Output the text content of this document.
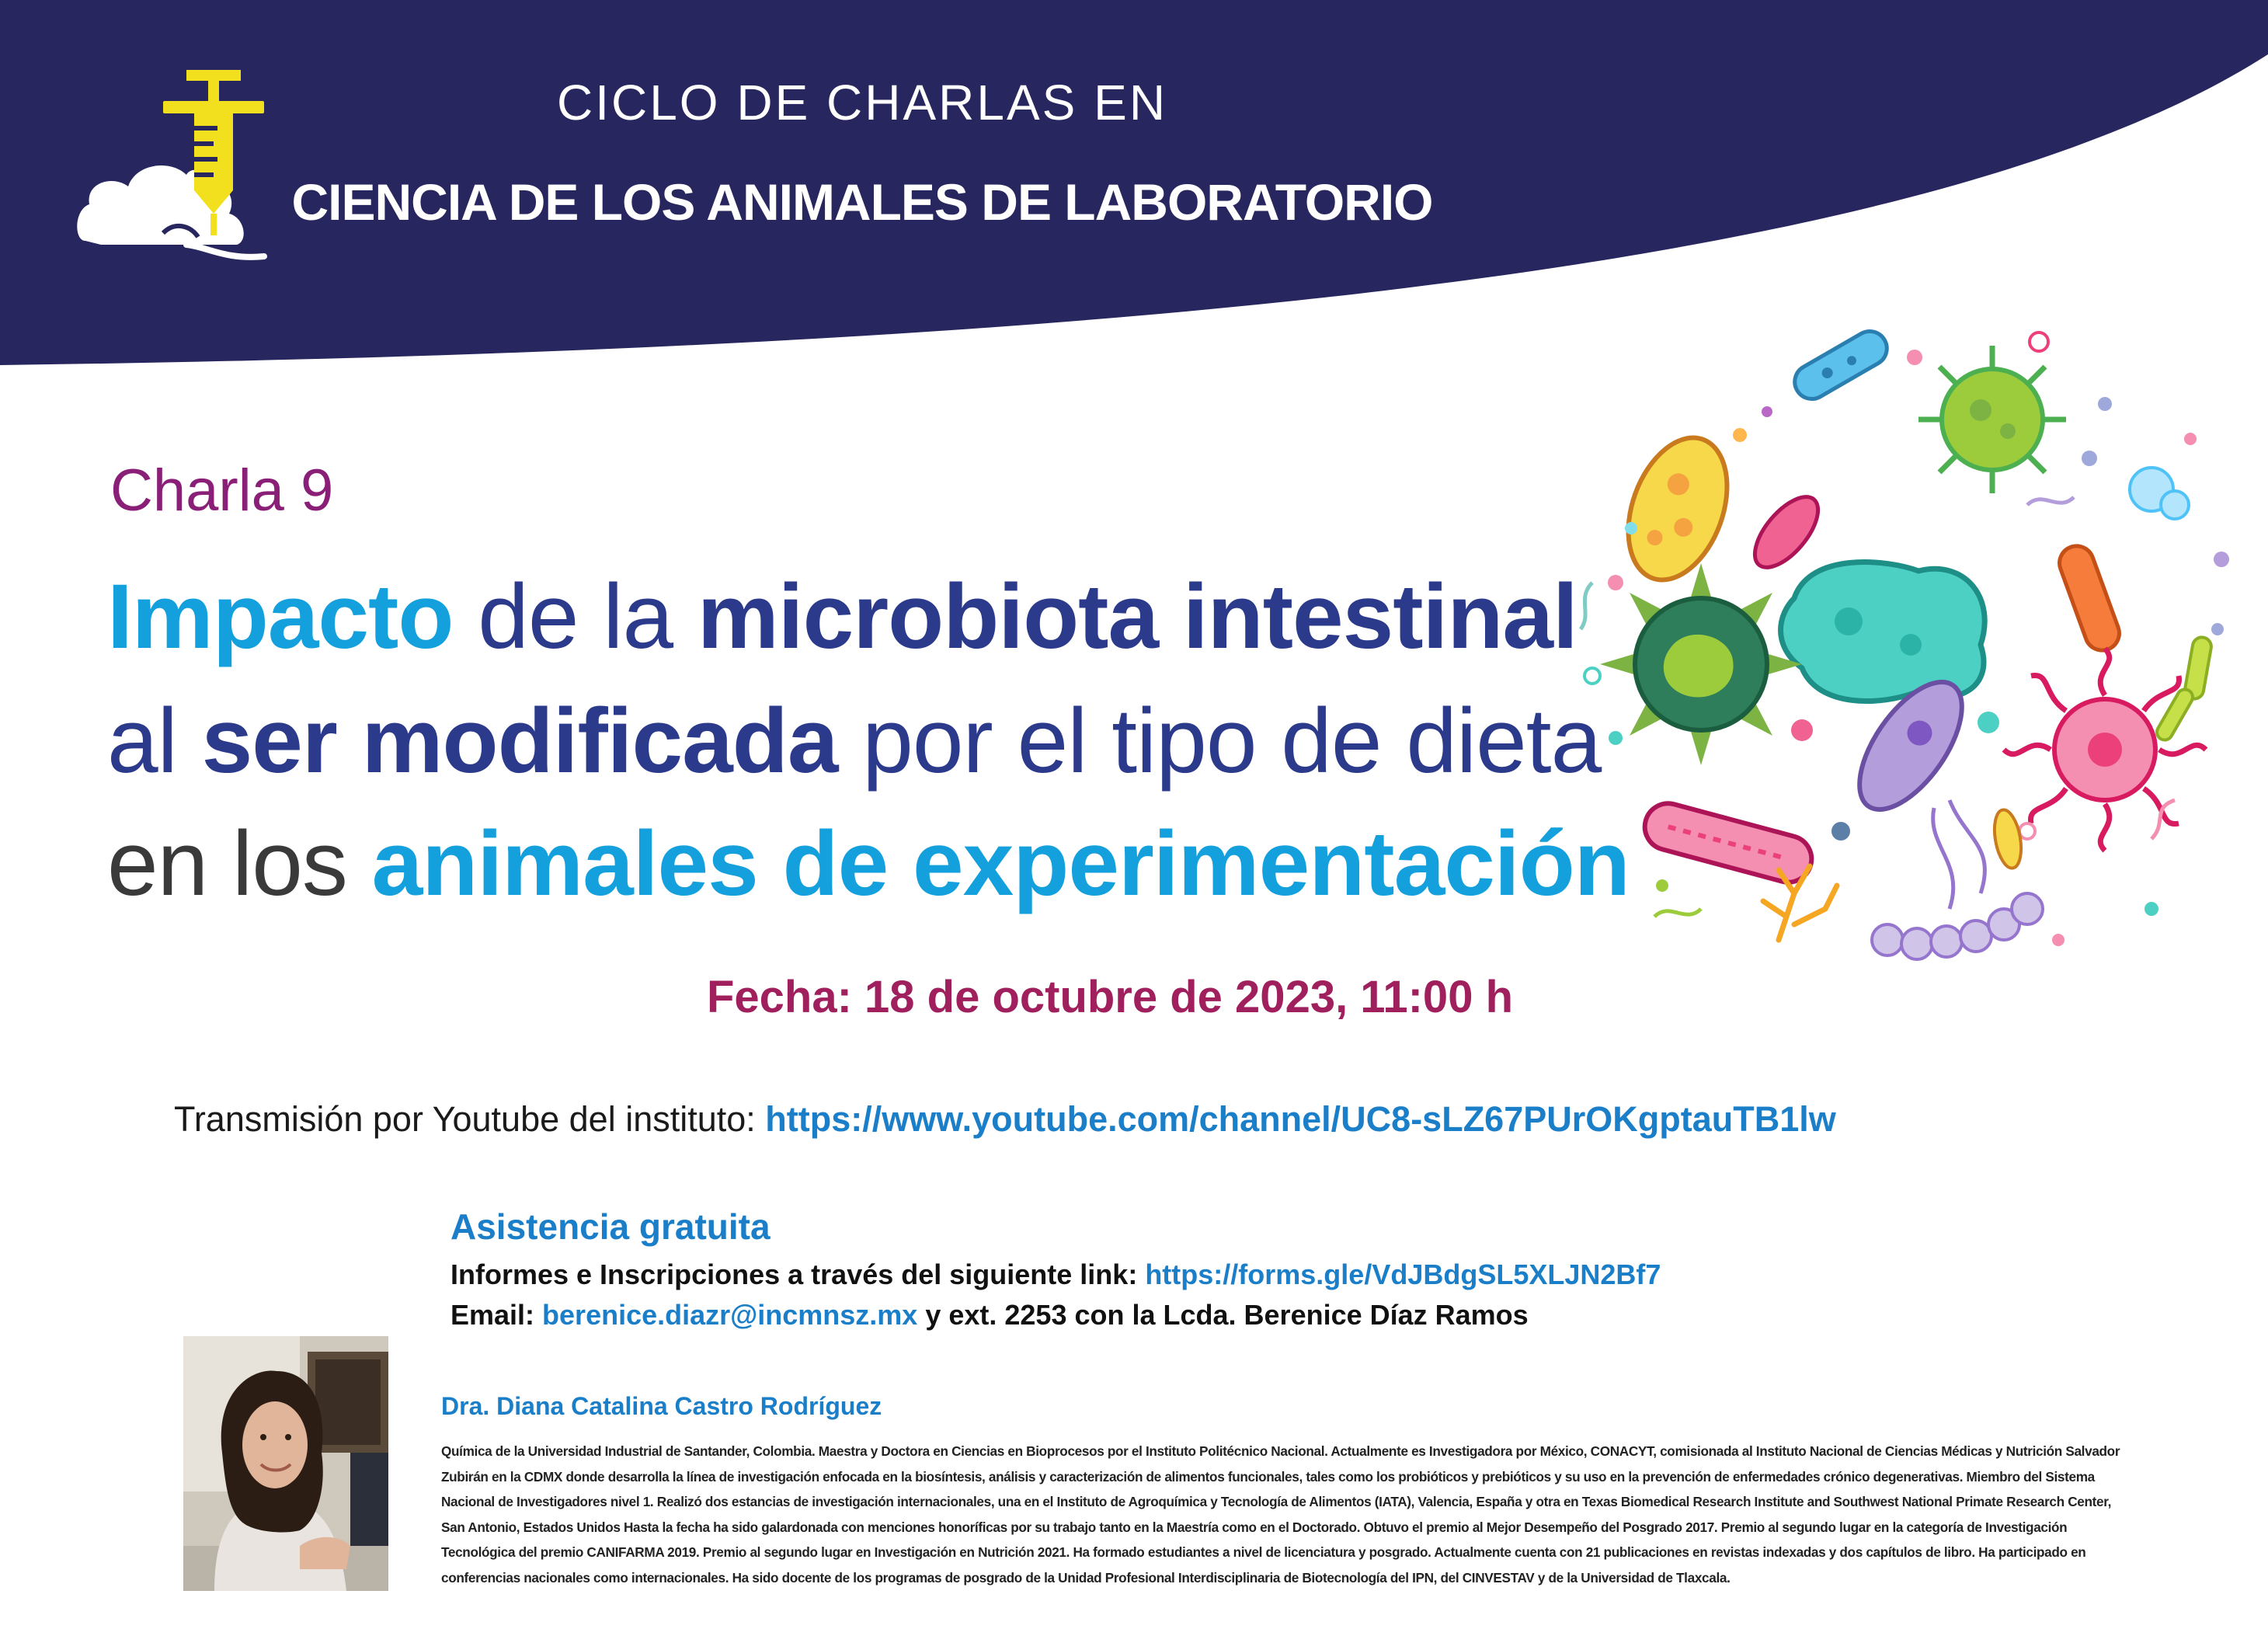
CICLO DE CHARLAS EN
CIENCIA DE LOS ANIMALES DE LABORATORIO
Charla 9
Impacto de la microbiota intestinal
al ser modificada por el tipo de dieta
en los animales de experimentación
Fecha: 18 de octubre de 2023, 11:00 h
Transmisión por Youtube del instituto: https://www.youtube.com/channel/UC8-sLZ67PUrOKgptauTB1lw
Asistencia gratuita
Informes e Inscripciones a través del siguiente link: https://forms.gle/VdJBdgSL5XLJN2Bf7
Email: berenice.diazr@incmnsz.mx y ext. 2253 con la Lcda. Berenice Díaz Ramos
Dra. Diana Catalina Castro Rodríguez
Química de la Universidad Industrial de Santander, Colombia. Maestra y Doctora en Ciencias en Bioprocesos por el Instituto Politécnico Nacional. Actualmente es Investigadora por México, CONACYT, comisionada al Instituto Nacional de Ciencias Médicas y Nutrición Salvador Zubirán en la CDMX donde desarrolla la línea de investigación enfocada en la biosíntesis, análisis y caracterización de alimentos funcionales, tales como los probióticos y prebióticos y su uso en la prevención de enfermedades crónico degenerativas. Miembro del Sistema Nacional de Investigadores nivel 1. Realizó dos estancias de investigación internacionales, una en el Instituto de Agroquímica y Tecnología de Alimentos (IATA), Valencia, España y otra en Texas Biomedical Research Institute and Southwest National Primate Research Center, San Antonio, Estados Unidos Hasta la fecha ha sido galardonada con menciones honoríficas por su trabajo tanto en la Maestría como en el Doctorado. Obtuvo el premio al Mejor Desempeño del Posgrado 2017. Premio al segundo lugar en la categoría de Investigación Tecnológica del premio CANIFARMA 2019. Premio al segundo lugar en Investigación en Nutrición 2021. Ha formado estudiantes a nivel de licenciatura y posgrado. Actualmente cuenta con 21 publicaciones en revistas indexadas y dos capítulos de libro. Ha participado en conferencias nacionales como internacionales. Ha sido docente de los programas de posgrado de la Unidad Profesional Interdisciplinaria de Biotecnología del IPN, del CINVESTAV y de la Universidad de Tlaxcala.
